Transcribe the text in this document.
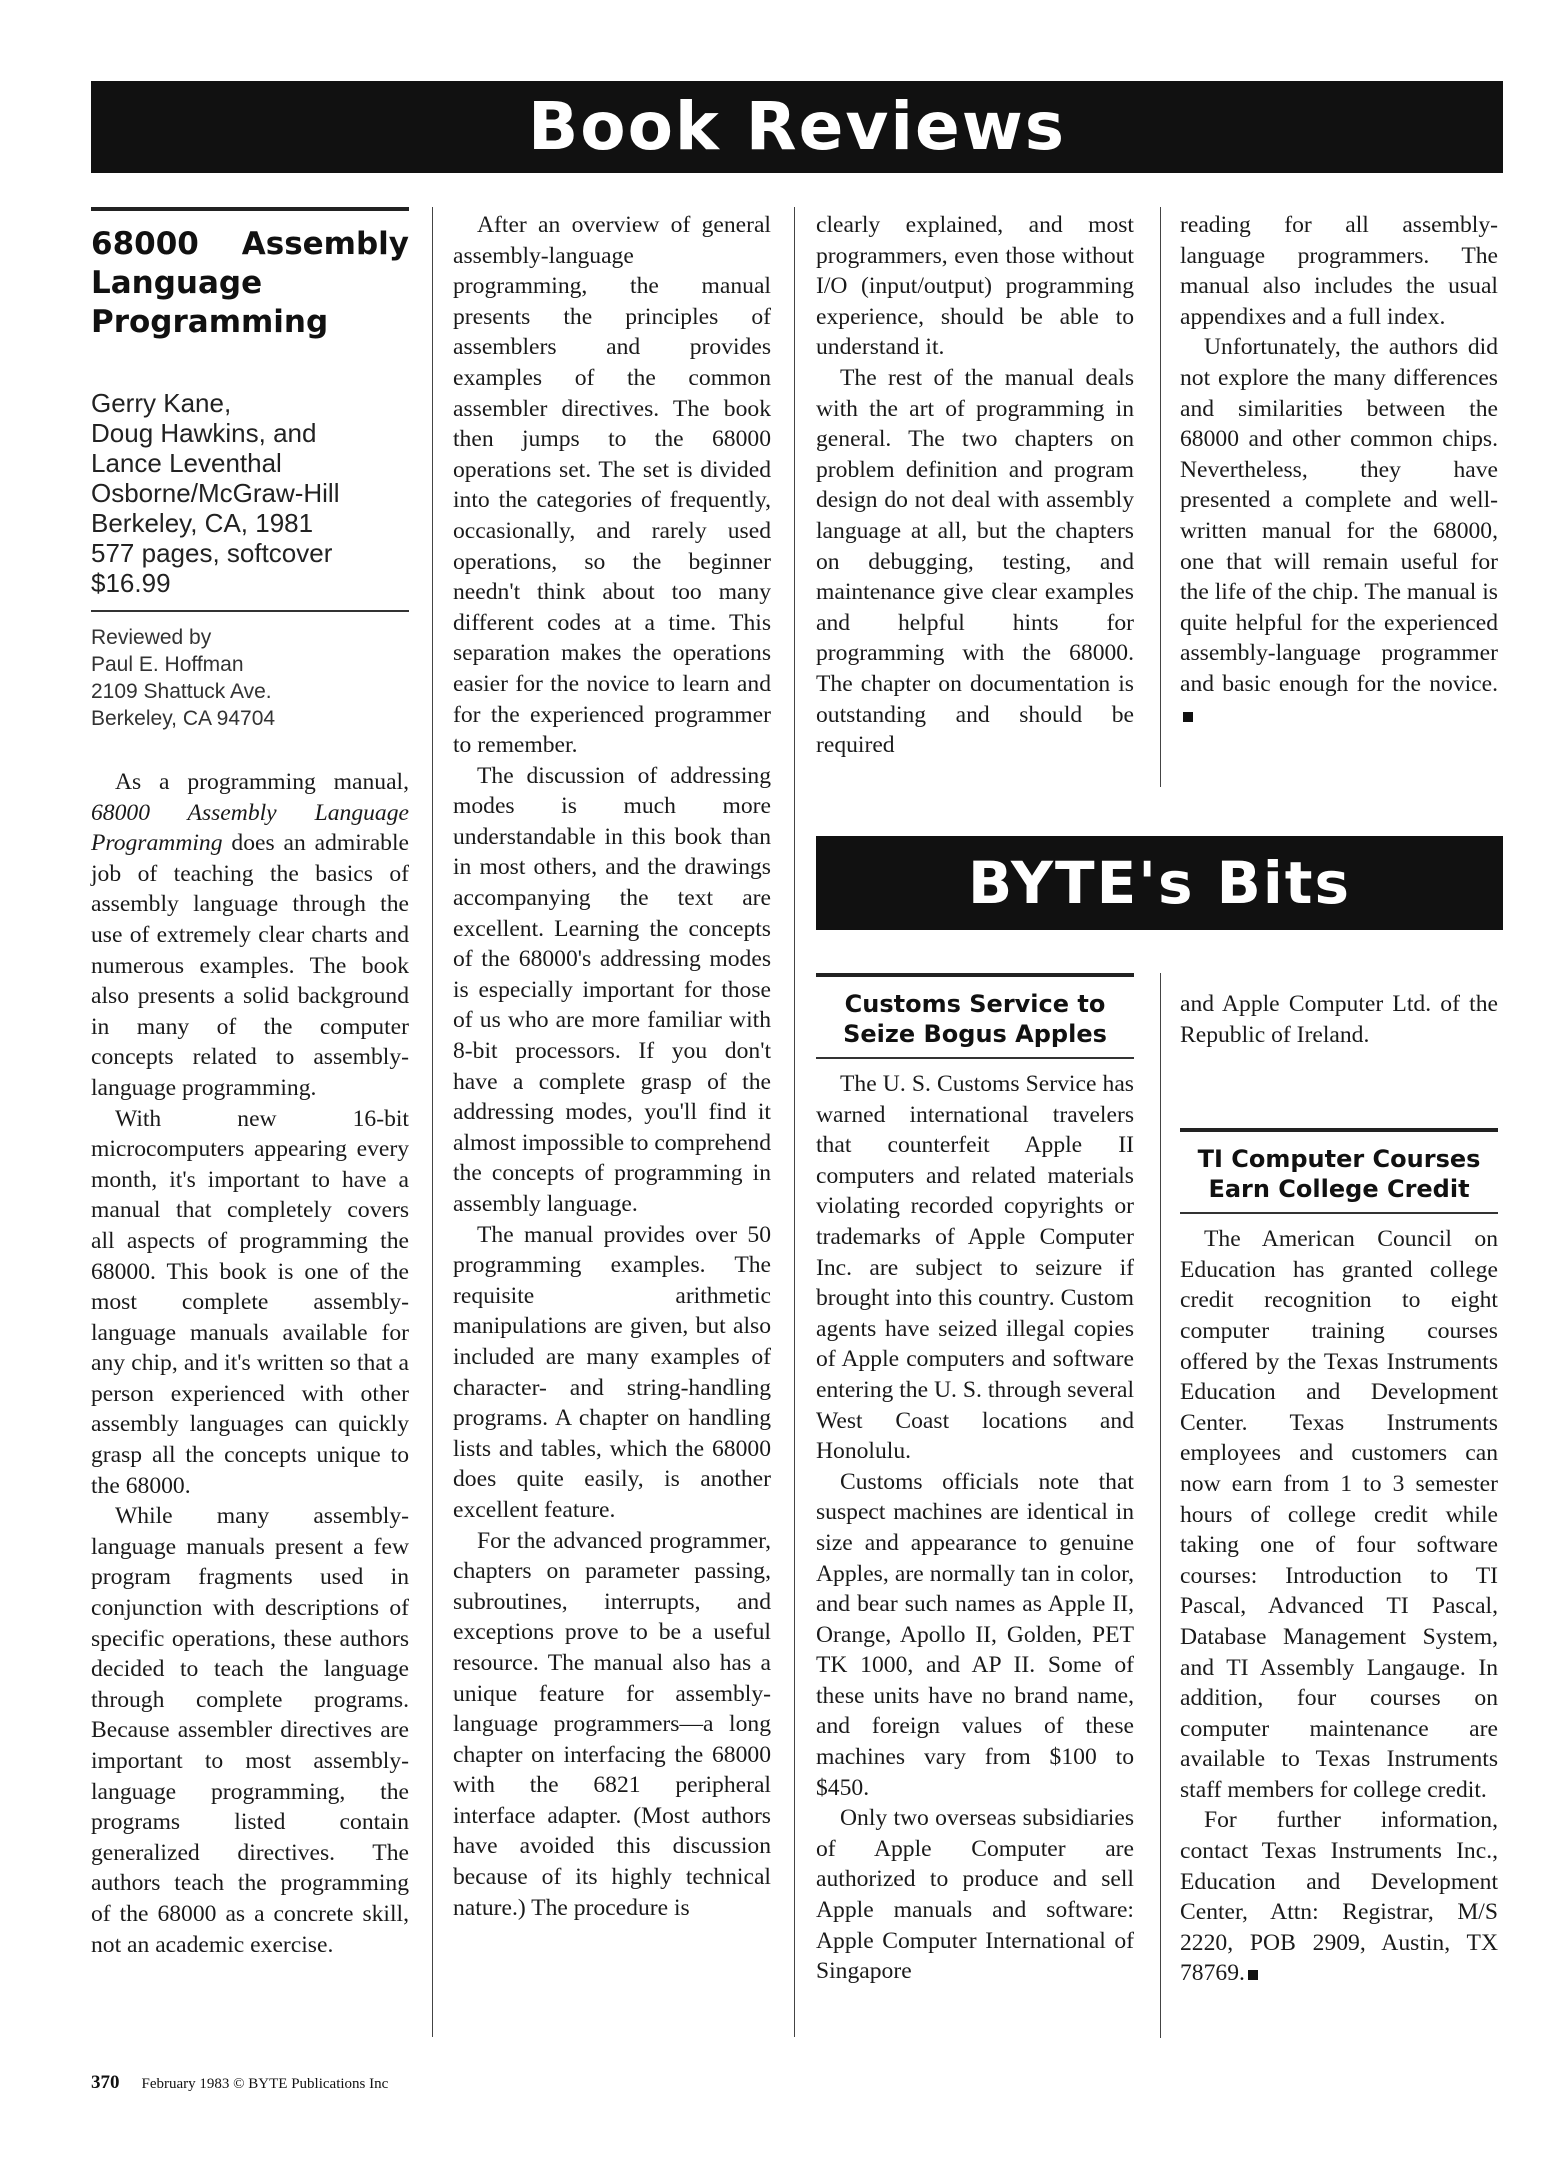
Book Reviews
68000 Assembly Language Programming
Gerry Kane,
Doug Hawkins, and
Lance Leventhal
Osborne/McGraw-Hill
Berkeley, CA, 1981
577 pages, softcover
$16.99
Reviewed by
Paul E. Hoffman
2109 Shattuck Ave.
Berkeley, CA 94704

As a programming manual, 68000 Assembly Language Programming does an admirable job of teaching the basics of assembly language through the use of extremely clear charts and numerous examples. The book also presents a solid background in many of the computer concepts related to assembly-language programming.

With new 16-bit microcomputers appearing every month, it's important to have a manual that completely covers all aspects of programming the 68000. This book is one of the most complete assembly-language manuals available for any chip, and it's written so that a person experienced with other assembly languages can quickly grasp all the concepts unique to the 68000.

While many assembly-language manuals present a few program fragments used in conjunction with descriptions of specific operations, these authors decided to teach the language through complete programs. Because assembler directives are important to most assembly-language programming, the programs listed contain generalized directives. The authors teach the programming of the 68000 as a concrete skill, not an academic exercise.

After an overview of general assembly-language programming, the manual presents the principles of assemblers and provides examples of the common assembler directives. The book then jumps to the 68000 operations set. The set is divided into the categories of frequently, occasionally, and rarely used operations, so the beginner needn't think about too many different codes at a time. This separation makes the operations easier for the novice to learn and for the experienced programmer to remember.

The discussion of addressing modes is much more understandable in this book than in most others, and the drawings accompanying the text are excellent. Learning the concepts of the 68000's addressing modes is especially important for those of us who are more familiar with 8-bit processors. If you don't have a complete grasp of the addressing modes, you'll find it almost impossible to comprehend the concepts of programming in assembly language.

The manual provides over 50 programming examples. The requisite arithmetic manipulations are given, but also included are many examples of character- and string-handling programs. A chapter on handling lists and tables, which the 68000 does quite easily, is another excellent feature.

For the advanced programmer, chapters on parameter passing, subroutines, interrupts, and exceptions prove to be a useful resource. The manual also has a unique feature for assembly-language programmers—a long chapter on interfacing the 68000 with the 6821 peripheral interface adapter. (Most authors have avoided this discussion because of its highly technical nature.) The procedure is

clearly explained, and most programmers, even those without I/O (input/output) programming experience, should be able to understand it.

The rest of the manual deals with the art of programming in general. The two chapters on problem definition and program design do not deal with assembly language at all, but the chapters on debugging, testing, and maintenance give clear examples and helpful hints for programming with the 68000. The chapter on documentation is outstanding and should be required

reading for all assembly-language programmers. The manual also includes the usual appendixes and a full index.

Unfortunately, the authors did not explore the many differences and similarities between the 68000 and other common chips. Nevertheless, they have presented a complete and well-written manual for the 68000, one that will remain useful for the life of the chip. The manual is quite helpful for the experienced assembly-language programmer and basic enough for the novice.

BYTE's Bits
Customs Service to
Seize Bogus Apples

The U. S. Customs Service has warned international travelers that counterfeit Apple II computers and related materials violating recorded copyrights or trademarks of Apple Computer Inc. are subject to seizure if brought into this country. Custom agents have seized illegal copies of Apple computers and software entering the U. S. through several West Coast locations and Honolulu.

Customs officials note that suspect machines are identical in size and appearance to genuine Apples, are normally tan in color, and bear such names as Apple II, Orange, Apollo II, Golden, PET TK 1000, and AP II. Some of these units have no brand name, and foreign values of these machines vary from $100 to $450.

Only two overseas subsidiaries of Apple Computer are authorized to produce and sell Apple manuals and software: Apple Computer International of Singapore

and Apple Computer Ltd. of the Republic of Ireland.

TI Computer Courses
Earn College Credit

The American Council on Education has granted college credit recognition to eight computer training courses offered by the Texas Instruments Education and Development Center. Texas Instruments employees and customers can now earn from 1 to 3 semester hours of college credit while taking one of four software courses: Introduction to TI Pascal, Advanced TI Pascal, Database Management System, and TI Assembly Langauge. In addition, four courses on computer maintenance are available to Texas Instruments staff members for college credit.

For further information, contact Texas Instruments Inc., Education and Development Center, Attn: Registrar, M/S 2220, POB 2909, Austin, TX 78769.

370 February 1983 © BYTE Publications Inc
